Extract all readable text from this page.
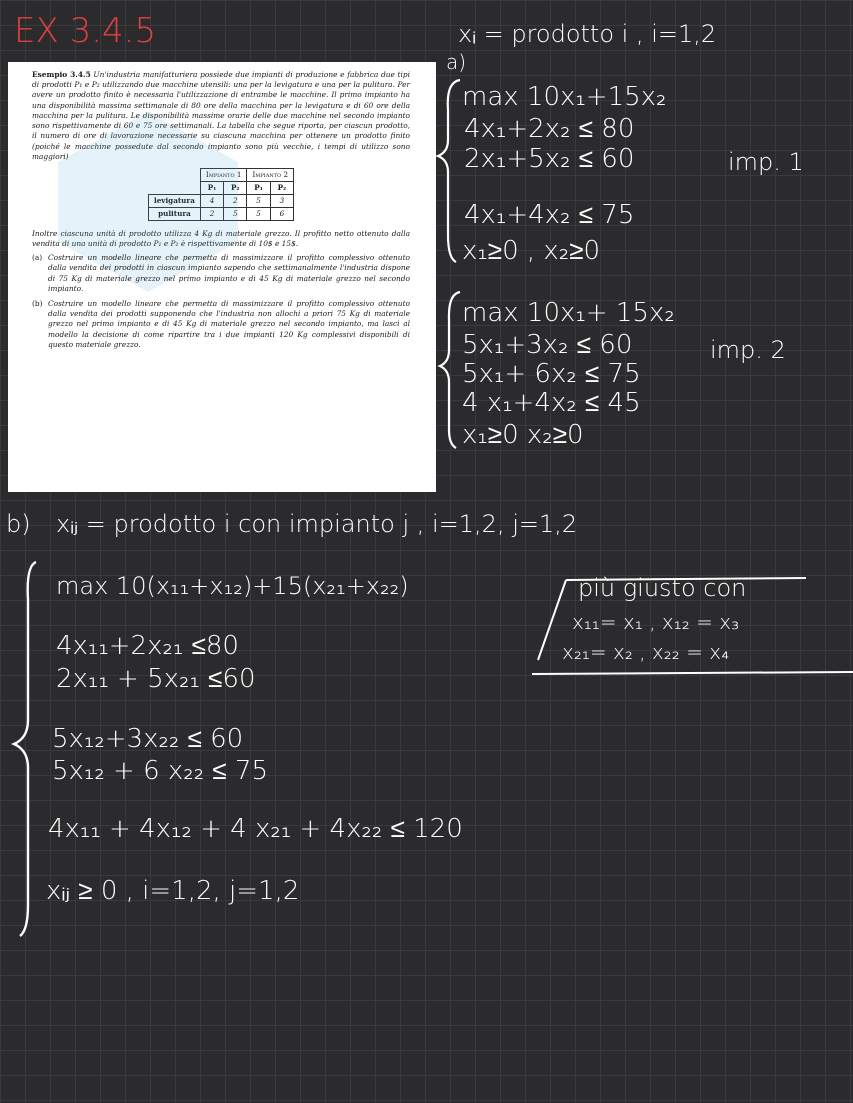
EX 3.4.5	xᵢ = prodotto i , i=1,2
a)

Esempio 3.4.5 Un'industria manifatturiera possiede due impianti di produzione e fabbrica due tipi di prodotti P₁ e P₂ utilizzando due macchine utensili: una per la levigatura e una per la pulitura. Per avere un prodotto finito è necessaria l'utilizzazione di entrambe le macchine. Il primo impianto ha una disponibilità massima settimanale di 80 ore della macchina per la levigatura e di 60 ore della macchina per la pulitura. Le disponibilità massime orarie delle due macchine nel secondo impianto sono rispettivamente di 60 e 75 ore settimanali. La tabella che segue riporta, per ciascun prodotto, il numero di ore di lavorazione necessarie su ciascuna macchina per ottenere un prodotto finito (poiché le macchine possedute dal secondo impianto sono più vecchie, i tempi di utilizzo sono maggiori)

	Impianto 1		Impianto 2	
	P₁	P₂	P₁	P₂
levigatura	4	2	5	3
pulitura	2	5	5	6

Inoltre ciascuna unità di prodotto utilizza 4 Kg di materiale grezzo. Il profitto netto ottenuto dalla vendita di una unità di prodotto P₁ e P₂ è rispettivamente di 10$ e 15$.

(a) Costruire un modello lineare che permetta di massimizzare il profitto complessivo ottenuto dalla vendita dei prodotti in ciascun impianto sapendo che settimanalmente l'industria dispone di 75 Kg di materiale grezzo nel primo impianto e di 45 Kg di materiale grezzo nel secondo impianto.
(b) Costruire un modello lineare che permetta di massimizzare il profitto complessivo ottenuto dalla vendita dei prodotti supponendo che l'industria non allochi a priori 75 Kg di materiale grezzo nel primo impianto e di 45 Kg di materiale grezzo nel secondo impianto, ma lasci al modello la decisione di come ripartire tra i due impianti 120 Kg complessivi disponibili di questo materiale grezzo.
max 10x₁+15x₂
4x₁+2x₂ ≤ 80
2x₁+5x₂ ≤ 60
4x₁+4x₂ ≤ 75
x₁≥0 , x₂≥0
imp. 1
max 10x₁+ 15x₂
5x₁+3x₂ ≤ 60
5x₁+ 6x₂ ≤ 75
4 x₁+4x₂ ≤ 45
x₁≥0 x₂≥0
imp. 2
b) xᵢⱼ = prodotto i con impianto j , i=1,2, j=1,2
max 10(x₁₁+x₁₂)+15(x₂₁+x₂₂)
4x₁₁+2x₂₁ ≤80
2x₁₁ + 5x₂₁ ≤60
5x₁₂+3x₂₂ ≤ 60
5x₁₂ + 6 x₂₂ ≤ 75
4x₁₁ + 4x₁₂ + 4 x₂₁ + 4x₂₂ ≤ 120
xᵢⱼ ≥ 0 , i=1,2, j=1,2
più giusto con
x₁₁= x₁ , x₁₂ = x₃
x₂₁= x₂ , x₂₂ = x₄
